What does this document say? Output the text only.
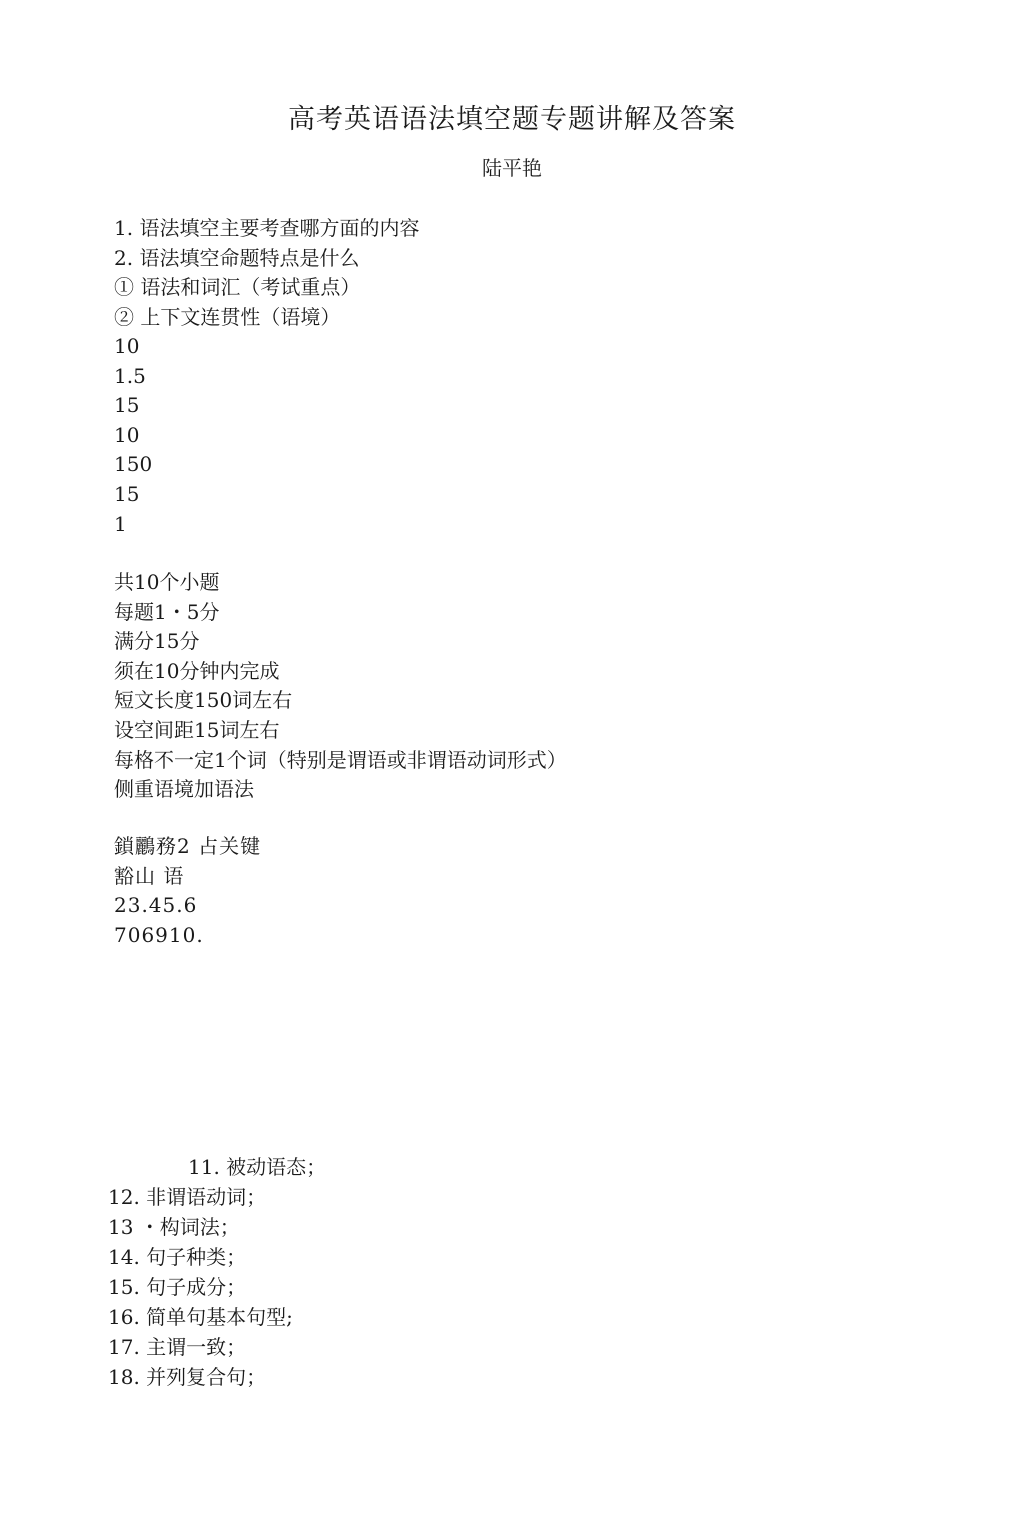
高考英语语法填空题专题讲解及答案
陆平艳
1. 语法填空主要考查哪方面的内容
2. 语法填空命题特点是什么
① 语法和词汇（考试重点）
② 上下文连贯性（语境）
10
1.5
15
10
150
15
1
共10个小题
每题1・5分
满分15分
须在10分钟内完成
短文长度150词左右
设空间距15词左右
每格不一定1个词（特别是谓语或非谓语动词形式）
侧重语境加语法
鎖鸝務2 占关键
豁山 语
23.45.6
706910.
11. 被动语态；
12. 非谓语动词；
13 ・构词法；
14. 句子种类；
15. 句子成分；
16. 简单句基本句型;
17. 主谓一致；
18. 并列复合句；
